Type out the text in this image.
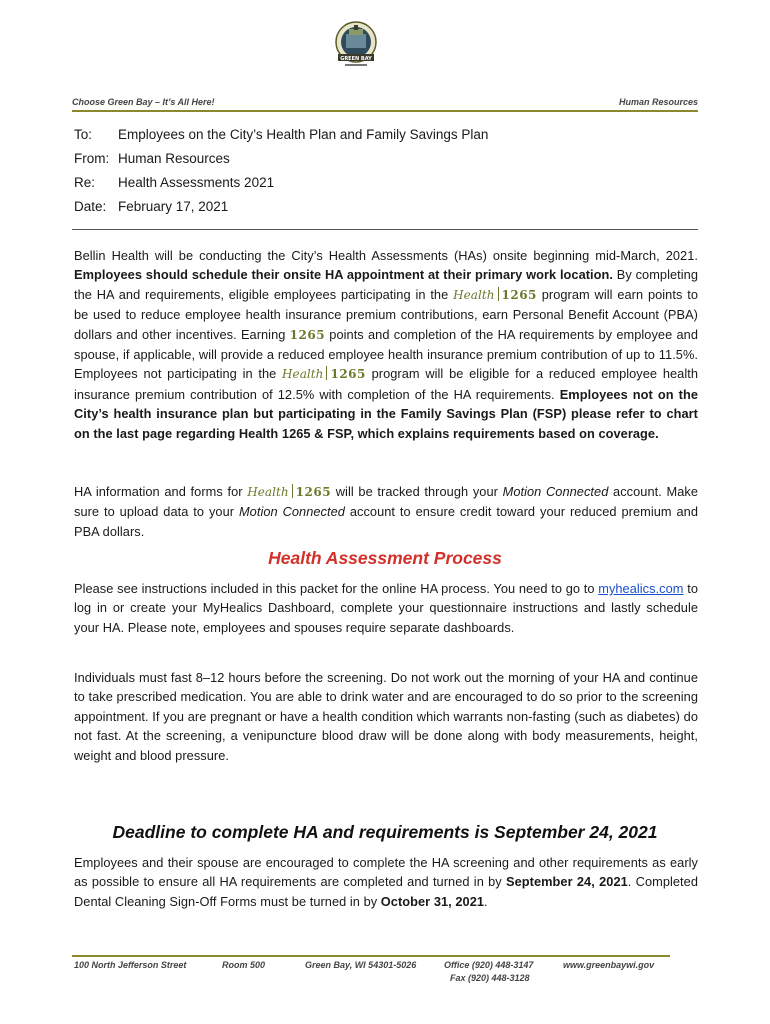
GREEN BAY
Choose Green Bay – It’s All Here!	Human Resources
To:	Employees on the City’s Health Plan and Family Savings Plan
From: Human Resources
Re:	Health Assessments 2021
Date: February 17, 2021
Bellin Health will be conducting the City’s Health Assessments (HAs) onsite beginning mid-March, 2021. Employees should schedule their onsite HA appointment at their primary work location. By completing the HA and requirements, eligible employees participating in the Health 1265 program will earn points to be used to reduce employee health insurance premium contributions, earn Personal Benefit Account (PBA) dollars and other incentives. Earning 1265 points and completion of the HA requirements by employee and spouse, if applicable, will provide a reduced employee health insurance premium contribution of up to 11.5%. Employees not participating in the Health 1265 program will be eligible for a reduced employee health insurance premium contribution of 12.5% with completion of the HA requirements. Employees not on the City’s health insurance plan but participating in the Family Savings Plan (FSP) please refer to chart on the last page regarding Health 1265 & FSP, which explains requirements based on coverage.
HA information and forms for Health 1265 will be tracked through your Motion Connected account. Make sure to upload data to your Motion Connected account to ensure credit toward your reduced premium and PBA dollars.
Health Assessment Process
Please see instructions included in this packet for the online HA process. You need to go to myhealics.com to log in or create your MyHealics Dashboard, complete your questionnaire instructions and lastly schedule your HA. Please note, employees and spouses require separate dashboards.
Individuals must fast 8–12 hours before the screening. Do not work out the morning of your HA and continue to take prescribed medication. You are able to drink water and are encouraged to do so prior to the screening appointment. If you are pregnant or have a health condition which warrants non-fasting (such as diabetes) do not fast. At the screening, a venipuncture blood draw will be done along with body measurements, height, weight and blood pressure.
Deadline to complete HA and requirements is September 24, 2021
Employees and their spouse are encouraged to complete the HA screening and other requirements as early as possible to ensure all HA requirements are completed and turned in by September 24, 2021. Completed Dental Cleaning Sign-Off Forms must be turned in by October 31, 2021.
100 North Jefferson Street	Room 500	Green Bay, WI 54301-5026	Office (920) 448-3147
Fax (920) 448-3128
www.greenbaywi.gov
